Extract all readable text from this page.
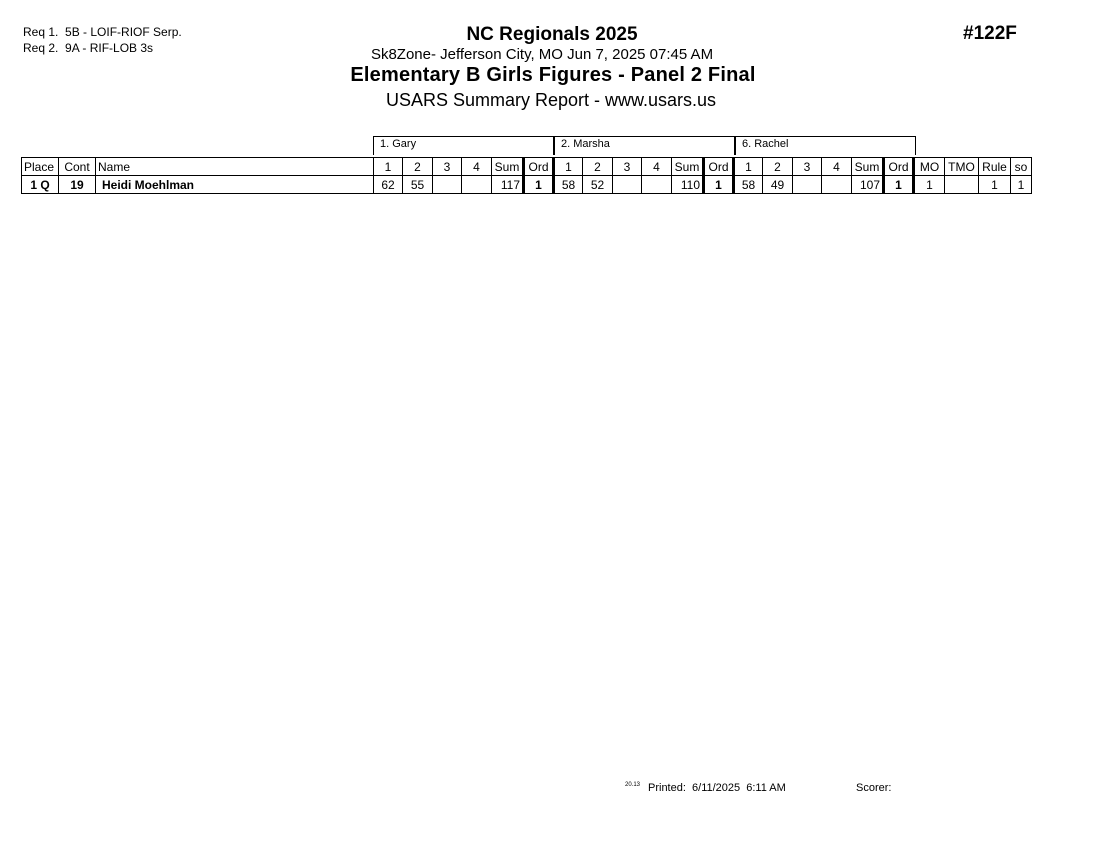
Req 1.  5B - LOIF-RIOF Serp.
Req 2.  9A - RIF-LOB 3s
NC Regionals 2025
Sk8Zone- Jefferson City, MO Jun 7, 2025 07:45 AM
Elementary B Girls Figures - Panel 2 Final
USARS Summary Report - www.usars.us
#122F
1. Gary	2. Marsha	6. Rachel
Place	Cont	Name	1	2	3	4	Sum	Ord	1	2	3	4	Sum	Ord	1	2	3	4	Sum	Ord	MO	TMO	Rule	so
1 Q	19	Heidi Moehlman	62	55			117	1	58	52			110	1	58	49			107	1	1		1	1
20.13 Printed:  6/11/2025  6:11 AM	Scorer:
